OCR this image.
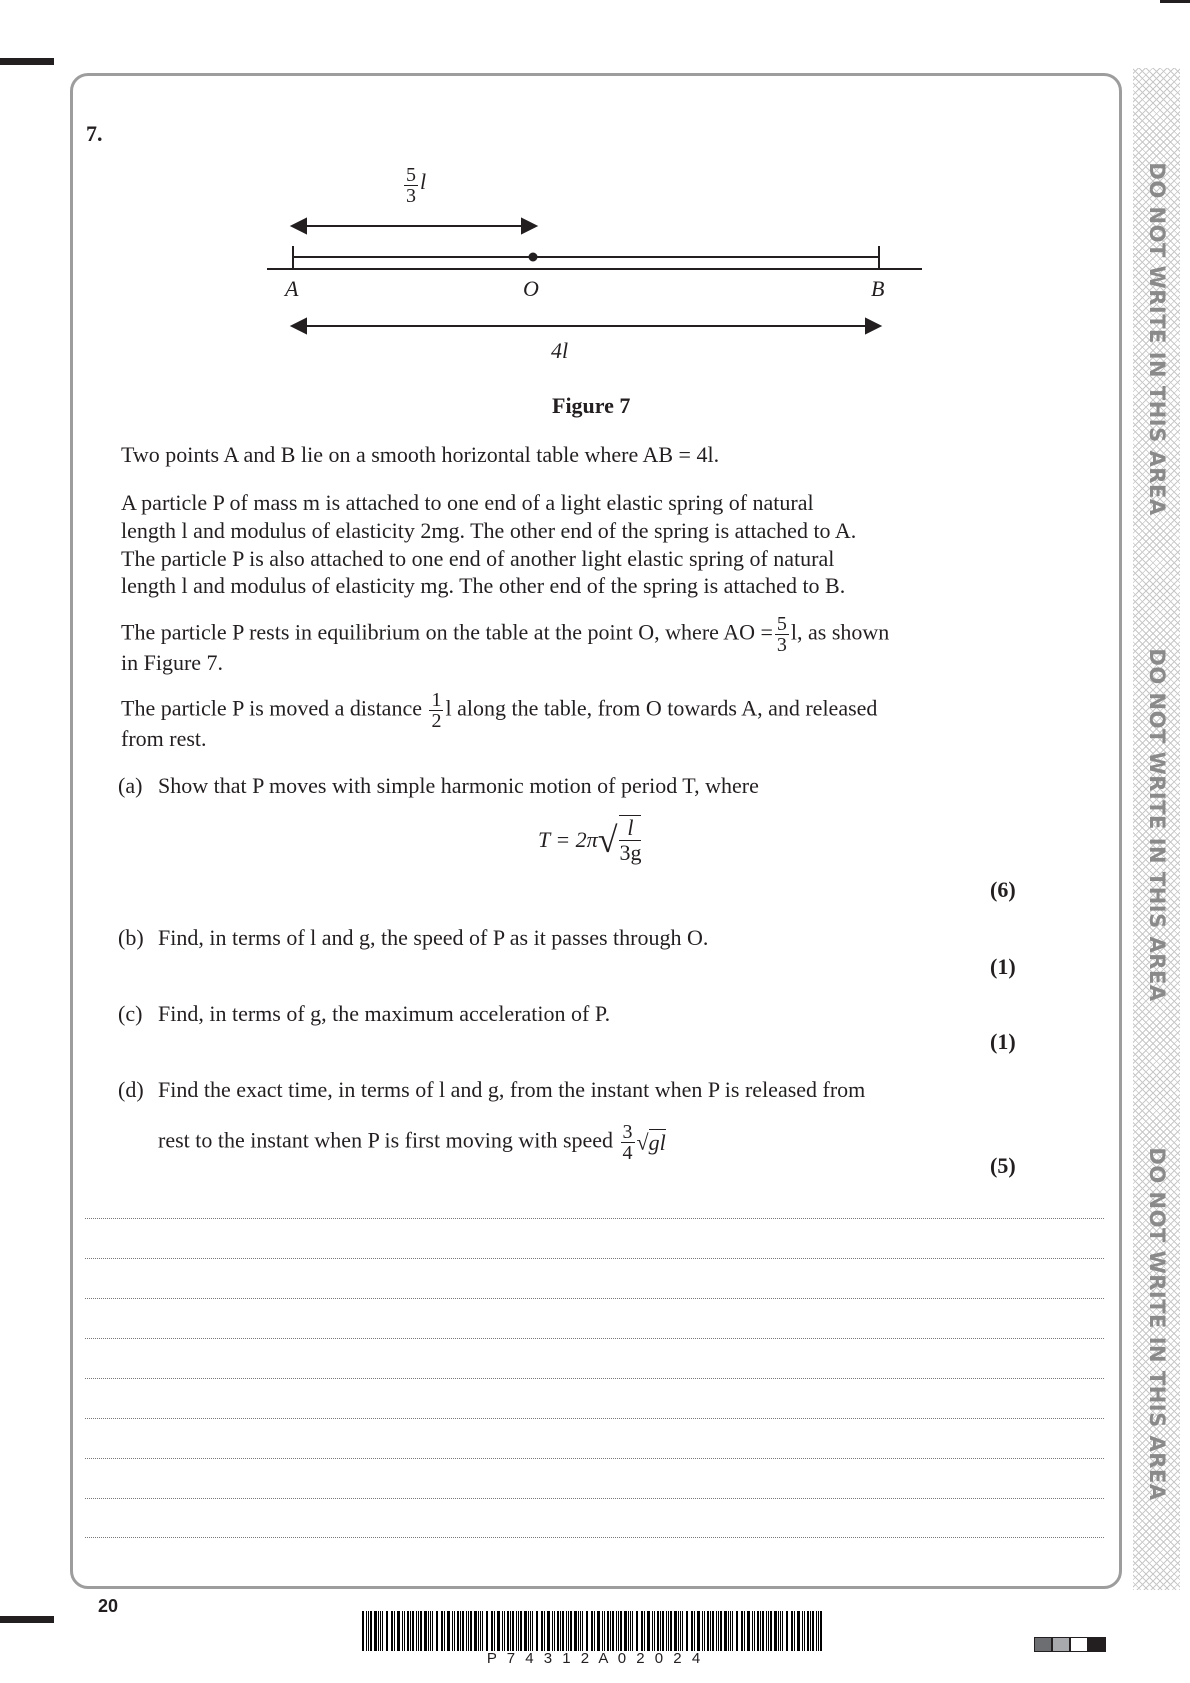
DO NOT WRITE IN THIS AREA
DO NOT WRITE IN THIS AREA
DO NOT WRITE IN THIS AREA
7.
$\frac{5}{3}$ l
A	O	B
4l
Figure 7
Two points A and B lie on a smooth horizontal table where AB = 4l.
A particle P of mass m is attached to one end of a light elastic spring of natural
length l and modulus of elasticity 2mg. The other end of the spring is attached to A.
The particle P is also attached to one end of another light elastic spring of natural
length l and modulus of elasticity mg. The other end of the spring is attached to B.
The particle P rests in equilibrium on the table at the point O, where AO = $\frac{5}{3} l$, as shown
in Figure 7.
The particle P is moved a distance $\frac{1}{2}$ l along the table, from O towards A, and released
from rest.
(a) Show that P moves with simple harmonic motion of period T, where
$T = 2\pi√ \frac{l}{3g}$
(6)
(b) Find, in terms of l and g, the speed of P as it passes through O.
(1)
(c) Find, in terms of g, the maximum acceleration of P.
(1)
(d) Find the exact time, in terms of l and g, from the instant when P is released from
rest to the instant when P is first moving with speed $\frac{3}{4} √gl$
(5)
20
P 7 4 3 1 2 A 0 2 0 2 4
